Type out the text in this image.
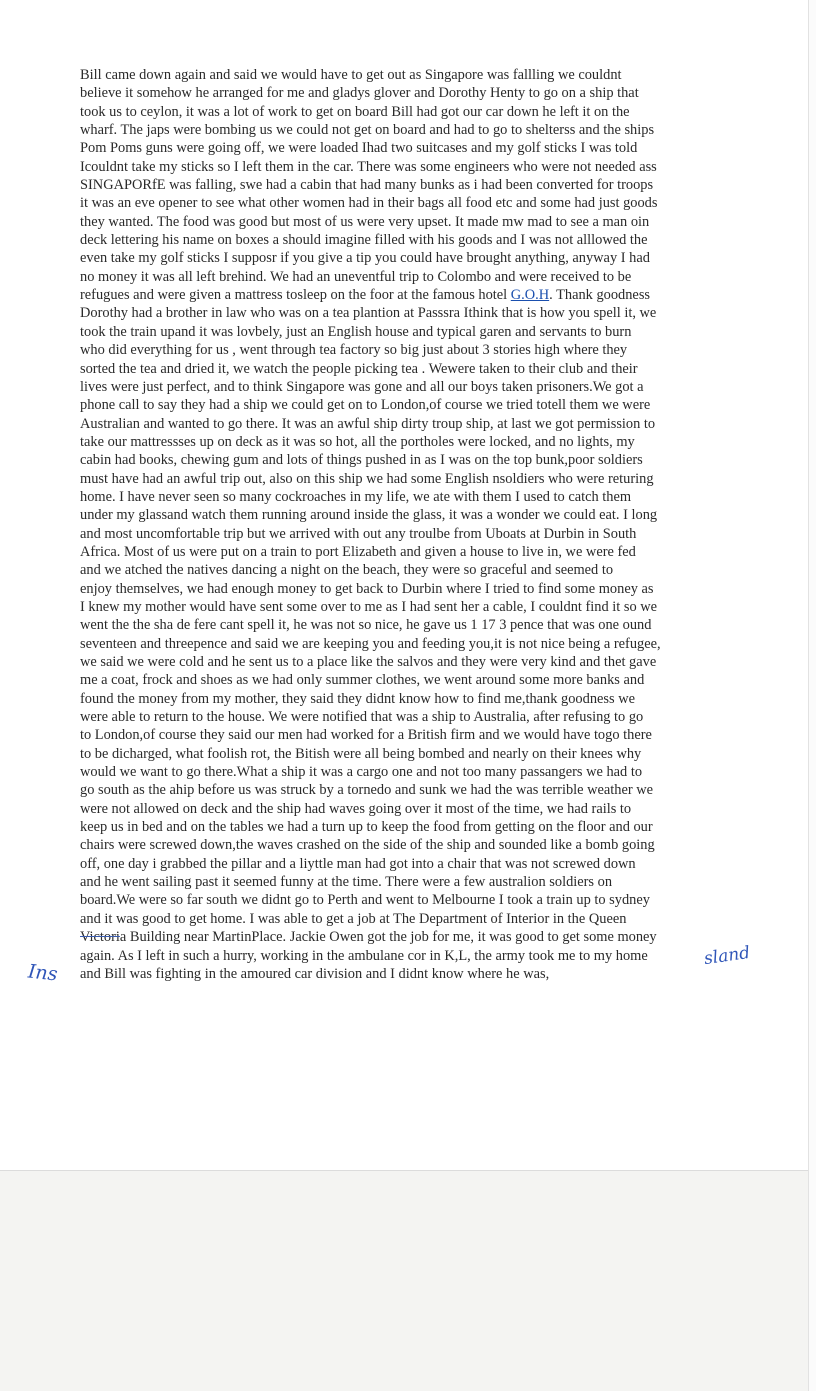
Bill came down again and said we would have to get out as Singapore was fallling we couldnt
believe it somehow he arranged for me and gladys glover and Dorothy Henty to go on a ship that
took us to ceylon, it was a lot of work to get on board Bill had got our car down he left it on the
wharf. The japs were bombing us we could not get on board and had to go to shelterss and the ships
Pom Poms guns were going off, we were loaded Ihad two suitcases and my golf sticks I was told
Icouldnt take my sticks so I left them in the car. There was some engineers who were not needed ass
SINGAPORfE was falling, swe had a cabin that had many bunks as i had been converted for troops
it was an eve opener to see what other women had in their bags all food etc and some had just goods
they wanted. The food was good but most of us were very upset. It made mw mad to see a man oin
deck lettering his name on boxes a should imagine filled with his goods and I was not alllowed the
even take my golf sticks I supposr if you give a tip you could have brought anything, anyway I had
no money it was all left brehind. We had an uneventful trip to Colombo and were received to be
refugues and were given a mattress tosleep on the foor at the famous hotel G.O.H. Thank goodness
Dorothy had a brother in law who was on a tea plantion at Passsra Ithink that is how you spell it, we
took the train upand it was lovbely, just an English house and typical garen and servants to burn
who did everything for us , went through tea factory so big just about 3 stories high where they
sorted the tea and dried it, we watch the people picking tea . Wewere taken to their club and their
lives were just perfect, and to think Singapore was gone and all our boys taken prisoners.We got a
phone call to say they had a ship we could get on to London,of course we tried totell them we were
Australian and wanted to go there. It was an awful ship dirty troup ship, at last we got permission to
take our mattressses up on deck as it was so hot, all the portholes were locked, and no lights, my
cabin had books, chewing gum and lots of things pushed in as I was on the top bunk,poor soldiers
must have had an awful trip out, also on this ship we had some English nsoldiers who were returing
home. I have never seen so many cockroaches in my life, we ate with them I used to catch them
under my glassand watch them running around inside the glass, it was a wonder we could eat. I long
and most uncomfortable trip but we arrived with out any troulbe from Uboats at Durbin in South
Africa. Most of us were put on a train to port Elizabeth and given a house to live in, we were fed
and we atched the natives dancing a night on the beach, they were so graceful and seemed to
enjoy themselves, we had enough money to get back to Durbin where I tried to find some money as
I knew my mother would have sent some over to me as I had sent her a cable, I couldnt find it so we
went the the sha de fere cant spell it, he was not so nice, he gave us 1 17 3 pence that was one ound
seventeen and threepence and said we are keeping you and feeding you,it is not nice being a refugee,
we said we were cold and he sent us to a place like the salvos and they were very kind and thet gave
me a coat, frock and shoes as we had only summer clothes, we went around some more banks and
found the money from my mother, they said they didnt know how to find me,thank goodness we
were able to return to the house. We were notified that was a ship to Australia, after refusing to go
to London,of course they said our men had worked for a British firm and we would have togo there
to be dicharged, what foolish rot, the Bitish were all being bombed and nearly on their knees why
would we want to go there.What a ship it was a cargo one and not too many passangers we had to
go south as the ahip before us was struck by a tornedo and sunk we had the was terrible weather we
were not allowed on deck and the ship had waves going over it most of the time, we had rails to
keep us in bed and on the tables we had a turn up to keep the food from getting on the floor and our
chairs were screwed down,the waves crashed on the side of the ship and sounded like a bomb going
off, one day i grabbed the pillar and a liyttle man had got into a chair that was not screwed down
and he went sailing past it seemed funny at the time. There were a few australion soldiers on
board.We were so far south we didnt go to Perth and went to Melbourne I took a train up to sydney
and it was good to get home. I was able to get a job at The Department of Interior in the Queen
Victoria Building near MartinPlace. Jackie Owen got the job for me, it was good to get some money
again. As I left in such a hurry, working in the ambulane cor in K,L, the army took me to my home
and Bill was fighting in the amoured car division and I didnt know where he was,
sland
Ins
